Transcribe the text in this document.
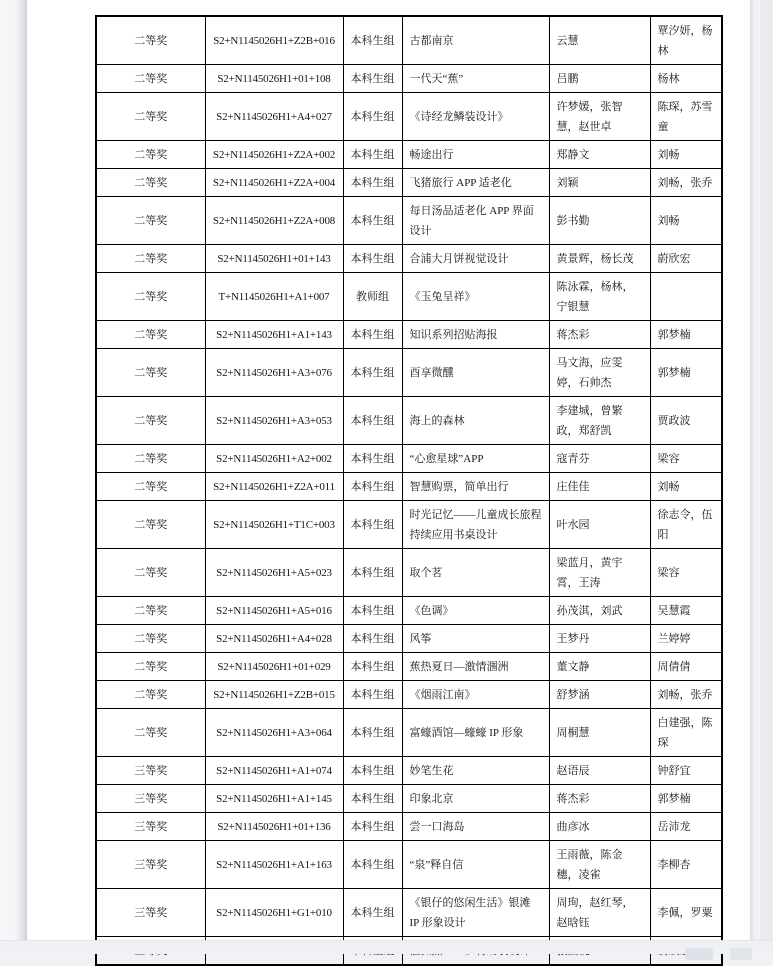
二等奖	S2+N1145026H1+Z2B+016	本科生组	古都南京	云慧	覃汐妍，杨林
二等奖	S2+N1145026H1+01+108	本科生组	一代天“蕉”	吕鹏	杨林
二等奖	S2+N1145026H1+A4+027	本科生组	《诗经龙鳞装设计》	许梦媛，张智慧，赵世卓	陈琛，苏雪童
二等奖	S2+N1145026H1+Z2A+002	本科生组	畅途出行	郑静文	刘畅
二等奖	S2+N1145026H1+Z2A+004	本科生组	飞猪旅行 APP 适老化	刘颖	刘畅，张乔
二等奖	S2+N1145026H1+Z2A+008	本科生组	每日汤品适老化 APP 界面设计	彭书勤	刘畅
二等奖	S2+N1145026H1+01+143	本科生组	合浦大月饼视觉设计	黄景辉，杨长茂	蔚欣宏
二等奖	T+N1145026H1+A1+007	教师组	《玉兔呈祥》	陈泳霖，杨林，宁银慧	
二等奖	S2+N1145026H1+A1+143	本科生组	知识系列招贴海报	蒋杰彩	郭梦楠
二等奖	S2+N1145026H1+A3+076	本科生组	酉享微醺	马文海，应雯婷，石帅杰	郭梦楠
二等奖	S2+N1145026H1+A3+053	本科生组	海上的森林	李建城，曾繁政，郑舒凯	贾政波
二等奖	S2+N1145026H1+A2+002	本科生组	“心愈星球”APP	寇青芬	梁容
二等奖	S2+N1145026H1+Z2A+011	本科生组	智慧购票，简单出行	庄佳佳	刘畅
二等奖	S2+N1145026H1+T1C+003	本科生组	时光记忆——儿童成长旅程持续应用书桌设计	叶水园	徐志令，伍阳
二等奖	S2+N1145026H1+A5+023	本科生组	取个茗	梁蓝月，黄宇霄，王涛	梁容
二等奖	S2+N1145026H1+A5+016	本科生组	《色调》	孙茂淇，刘武	吴慧霞
二等奖	S2+N1145026H1+A4+028	本科生组	风筝	王梦丹	兰婷婷
二等奖	S2+N1145026H1+01+029	本科生组	蕉热夏日—激情涠洲	董文静	周倩倩
二等奖	S2+N1145026H1+Z2B+015	本科生组	《烟雨江南》	舒梦涵	刘畅，张乔
二等奖	S2+N1145026H1+A3+064	本科生组	富蠔酒馆—蠔蠔 IP 形象	周桐慧	白建强，陈琛
三等奖	S2+N1145026H1+A1+074	本科生组	妙笔生花	赵语辰	钟舒宜
三等奖	S2+N1145026H1+A1+145	本科生组	印象北京	蒋杰彩	郭梦楠
三等奖	S2+N1145026H1+01+136	本科生组	尝一口海岛	曲彦冰	岳沛龙
三等奖	S2+N1145026H1+A1+163	本科生组	“泉”释自信	王雨薇，陈金穗，凌雀	李柳杏
三等奖	S2+N1145026H1+G1+010	本科生组	《银仔的悠闲生活》银滩 IP 形象设计	周珣，赵红琴，赵晗钰	李佩，罗粟
